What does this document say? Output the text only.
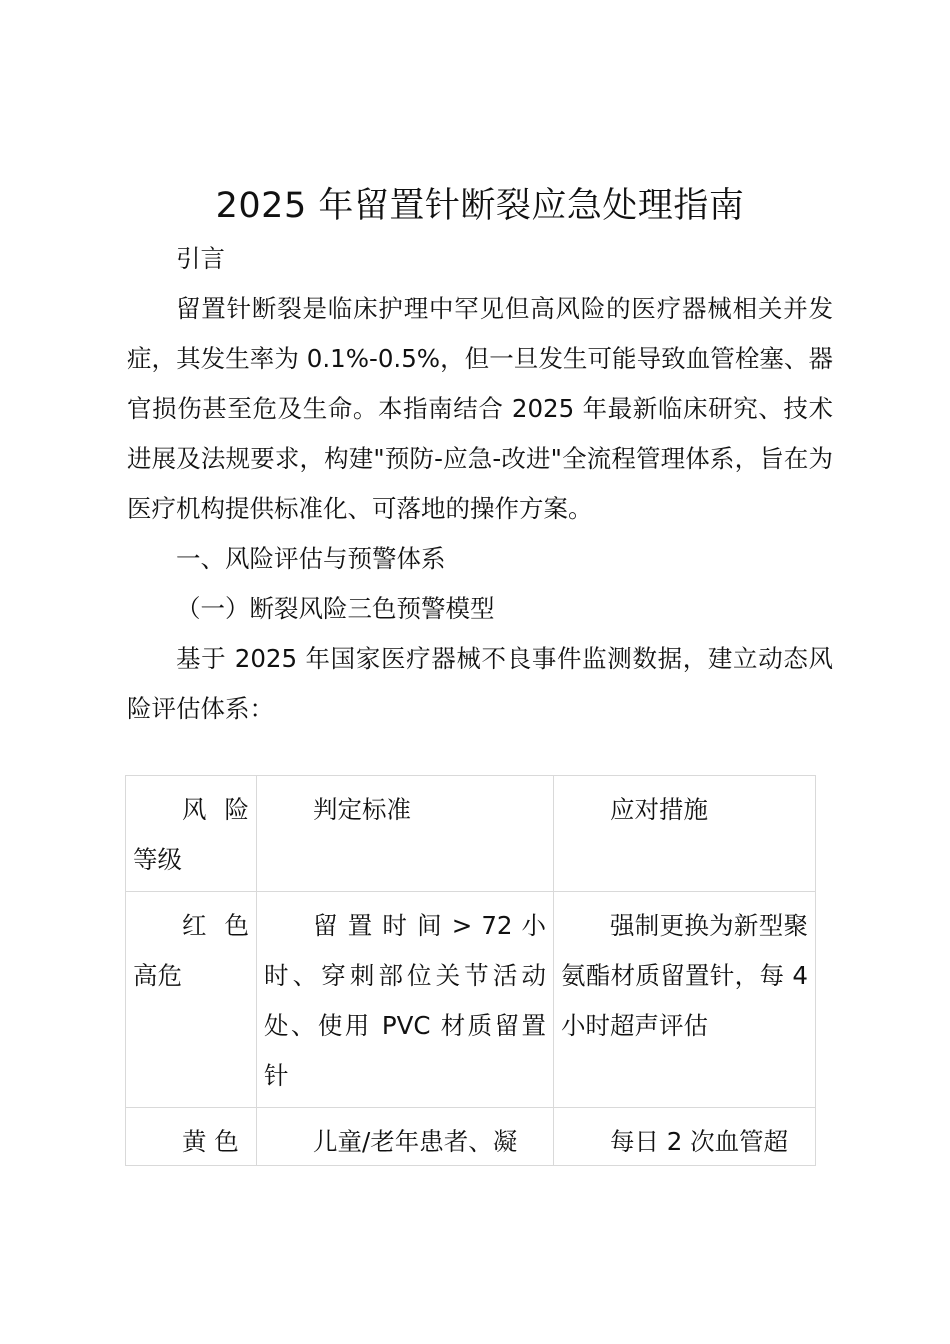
2025 年留置针断裂应急处理指南

引言

留置针断裂是临床护理中罕见但高风险的医疗器械相关并发症，其发生率为 0.1%-0.5%，但一旦发生可能导致血管栓塞、器官损伤甚至危及生命。本指南结合 2025 年最新临床研究、技术进展及法规要求，构建"预防-应急-改进"全流程管理体系，旨在为医疗机构提供标准化、可落地的操作方案。

一、风险评估与预警体系

（一）断裂风险三色预警模型

基于 2025 年国家医疗器械不良事件监测数据，建立动态风险评估体系：

风 险 等级	判定标准	应对措施

红 色 高危	留 置 时 间 > 72 小时、穿刺部位关节活动处、使用 PVC 材质留置针	强制更换为新型聚氨酯材质留置针，每 4 小时超声评估

黄 色	儿童/老年患者、凝	每日 2 次血管超
